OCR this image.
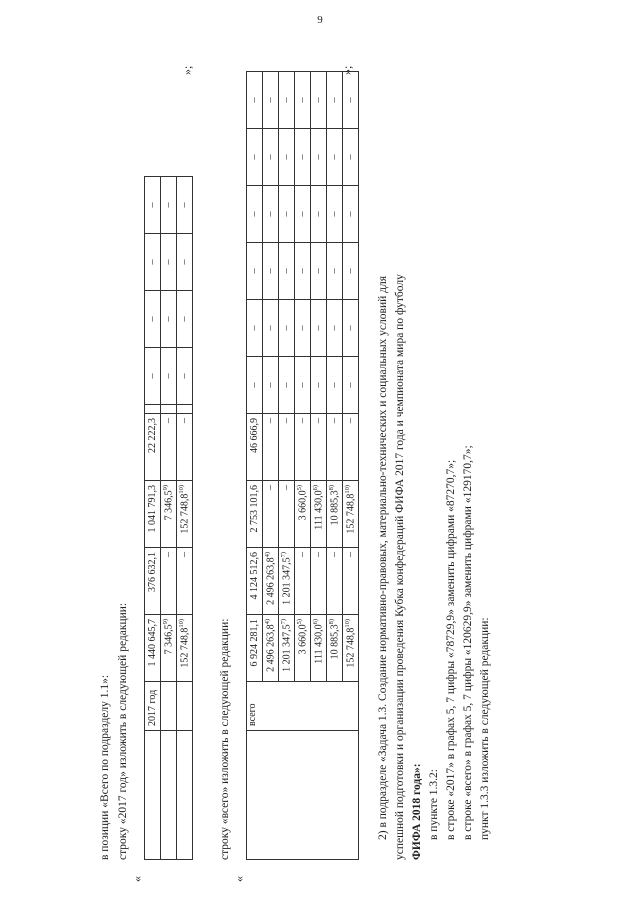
9
в позиции «Всего по подразделу 1.1»: строку «2017 год» изложить в следующей редакции:
«
	2017 год	1 440 645,7	376 632,1	1 041 791,3	22 222,3		–	–	–	–
		7 346,5$^{9)}$	–	7 346,5$^{9)}$	–		–	–	–	–
		152 748,8$^{10)}$	–	152 748,8$^{10)}$	–		–	–	–	–
»;
строку «всего» изложить в следующей редакции:
«
	всего	6 924 281,1	4 124 512,6	2 753 101,6	46 666,9	–	–	–	–	–	–
		2 496 263,8$^{4)}$	2 496 263,8$^{4)}$	–	–	–	–	–	–	–	–
		1 201 347,5$^{7)}$	1 201 347,5$^{7)}$	–	–	–	–	–	–	–	–
		3 660,0$^{5)}$	–	3 660,0$^{5)}$	–	–	–	–	–	–	–
		111 430,0$^{6)}$	–	111 430,0$^{6)}$	–	–	–	–	–	–	–
		10 885,3$^{8)}$	–	10 885,3$^{8)}$	–	–	–	–	–	–	–
		152 748,8$^{10)}$	–	152 748,8$^{10)}$	–	–	–	–	–	–	–
»;
2) в подразделе «Задача 1.3. Создание нормативно-правовых, материально-технических и социальных условий для успешной подготовки и организации проведения Кубка конфедераций ФИФА 2017 года и чемпионата мира по футболу ФИФА 2018 года»: в пункте 1.3.2: в строке «2017» в графах 5, 7 цифры «78729,9» заменить цифрами «87270,7»; в строке «всего» в графах 5, 7 цифры «120629,9» заменить цифрами «129170,7»; пункт 1.3.3 изложить в следующей редакции:
